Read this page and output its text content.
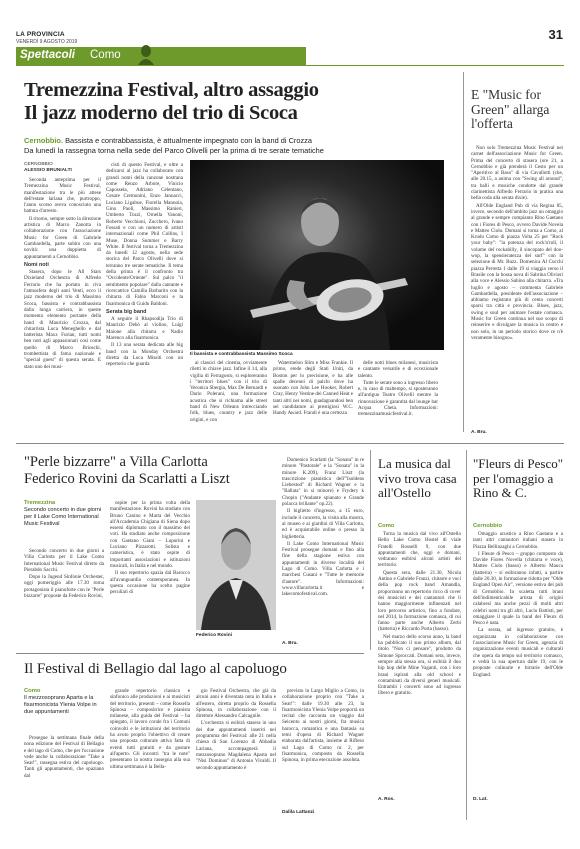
LA PROVINCIA
VENERDÌ 9 AGOSTO 2019	31
Spettacoli Como
Tremezzina Festival, altro assaggio
Il jazz moderno del trio di Scoca
Cernobbio. Bassista e contrabbassista, è attualmente impegnato con la band di Crozza
Da lunedì la rassegna torna nella sede del Parco Olivelli per la prima di tre serate tematiche
CERNOBBIO
ALESSIO BRUNIALTI

Seconda anteprima per il Tremezzina Music Festival, manifestazione tra le più attese dell'estate lariana che, purtroppo, l'anno scorso aveva conosciuto una battuta d'arresto.

Il ritorno, sempre sotto la direzione artistica di Marco Zanotta in collaborazione con l'associazione Music for Green di Gabriele Gambardella, parte subito con una novità: una doppietta di appuntamenti a Cernobbio.

Nomi noti

Stasera, dopo le All Stars Dixieland Orchestra di Alfredo Ferrario che ha portato in riva l'atmosfera degli anni Venti, ecco il jazz moderno del trio di Massimo Scoca, bassista e contrabbassista dalla lunga carriera, in queste momento elemento portante della band di Maurizio Crozza, dal chitarrista Luca Meneghello e dal batterista Maxx Furian, tutti nomi ben noti agli appassionati così come quello di Marco Brioschi, trombettista di fama nazionale e "special guest" di questa serata. E stato uno dei musi-

cisti di questo Festival, e oltre a dedicarsi al jazz ha collaborato con grandi nomi della canzone nostrana come Renzo Arbore, Vinicio Capossela, Adriano Celentano, Cesare Cremonini, Enzo Jannacci, Luciano Ligabue, Fiorella Mannoia, Gino Paoli, Massimo Ranieri, Umberto Tozzi, Ornella Vanoni, Roberto Vecchioni, Zucchero, Ivano Fossati e con un numero di artisti internazionali come Phil Collins, I Muse, Donna Summer e Barry White. Il festival torna a Tremezzina da lunedì 12 agosto, nella sede storica del Parco Olivelli dove si terranno tre serate tematiche. Il tema della prima è il confronto tra "Occidente/Oriente". Sul palco "il sentimento popolare" dalla cantante e ricercatrice Camilla Barbarito con la chitarra di Fabio Marconi e la fisarmonica di Guido Baldoni.

Serata big band

A seguire il Rhapsodija Trio di Maurizio Dehò al violino, Luigi Maione alla chitarra e Nadio Marenco alla fisarmonica.

Il 13 una serata dedicata alle big band con la Monday Orchestra diretta da Luca Missiti con un repertorio che guarda

Il bassista e contrabbassista Massimo Scoca

ai classici del cinema, ovviamente riletti in chiave jazz. Infine il 14, alla vigilia di Ferragosto, si esploreranno i "territori blues" con il trio di Veronica Sbergia, Max De Bernardi e Dario Polerani, una formazione acustica che si richiama alle street band di New Orleans intrecciando folk, blues, country e jazz delle origini, e con

Watermelon Slim e Miss Frankie. Il primo, erede degli Stati Uniti, da Boston per lo precisione, e ha alle spalle decenni di palchi dove ha suonato con John Lee Hooker, Robert Cray, Henry Vestine dei Canned Heat e tanti altri nei nomi, guadagnandosi ben sei candidature ai prestigiosi W.C. Handy Award. Frandi è una certezza

delle notti blues milanesi, musicista e cantante versatile e di eccezionale talento.

Tutte le serate sono a ingresso libero e, in caso di maltempo, si sposteranno all'antiguo Teatro Olivelli mentre la rinnovazione è garantita dal lounge bar Acqua Cheta. Informazioni: tremezzinamusicfestival.it.

E "Music for Green" allarga l'offerta

Non solo Tremezzina Music Festival nei carnet dell'associazione Music for Green. Prima del concerto di stasera (ore 21, a Cernobbio e già prenderà il Cesto per un "Aperitivo al Baso" di via Cavallotti (che, alle 20.15, a anima con "Swing all around", tra balli e musiche condotte dal grande clarinettista Alfredo Ferrario in pratica una bella coda alla serata dixie).

All'Olde England Pub di via Regina 85, invece, secondo dell'ambito jazz un omaggio al grande e sempre compianto Rino Gaetano con i Fiores di Pesco, ovvero Davide Novela e Matteo Ciolo. Domani si torna a Como, al Krudo Como di piazza Volta 25 per "Rock your baby": "la potenza del rock'n'roll, il volume del rockabilly, il sincopato del doo-wop, la spensieratezza del surf" con la selezione di Mr. Buzz. Domenica Al Cucchi piazza Perretta 1 dalle 19 si viaggia verso il Brasile con la bossa nova di Sabrina Olivieri alla voce e Alessio Sabino alla chitarra. «Tra luglio e agosto – commenta Gabriele Gambardella, presidente dell'associazione – abbiamo registrato più di cento concerti sparsi tra città e provincia. Blues, jazz, swing e soul per animare l'estate comasca. Music for Green continua nel suo scopo di reinserire e divulgare la musica in centro e non solo, in un periodo storico dove ce n'è veramente bisogno».

A. Bru.
"Perle bizzarre" a Villa Carlotta
Federico Rovini da Scarlatti a Liszt
Tremezzina
Secondo concerto in due giorni per il Lake Como International Music Festival

Secondo concerto in due giorni a Villa Carlotta per il Lake Como International Music Festival diretto da Pierabdo Sacchi.

Dopo la Jugend Sinfonie Orchester, oggi pomeriggio alle 17.30 torna protagonista il pianoforte con le "Perle bizzarre" proposte da Federico Rovini,

ospite per la prima volta della manifestazione. Rovini ha studiato con Bruno Canino e Marta del Vecchio all'Accademia Chigiana di Siena dopo essersi diplomato con il massimo dei voti. Ha studiato anche composizione con Gaetano Giani – Luporini e Luciano Pizzarotti. Solista e cameristica, è stato ospite di importanti associazioni e istituzioni musicali, in Italia e nel mondo.

Il suo repertorio spazia dal Barocco all'avanguardia contemporanea. In questa occasione ha scelto pagine peculiari di

Federico Rovini

Domenico Scarlatti (la "Sonata" in re minore "Pastorale" e la "Sonata" in la minore K.209), Franz Liszt (la trascrizione pianistica dell'"Isoldens Liebestod" di Richard Wagner e la "Ballata" in si minore) e Frydery k Chopin ("Andante spianato e Grande polacca brillante" op.22).

Il biglietto d'ingresso, a 15 euro, include il concerto, la visita alla mostra, al museo e ai giardini di Villa Carlotta, ed è acquistabile online o presso la biglietteria.

Il Lake Como International Music Festival prosegue domani e fino alla fine della stagione estiva con appuntamenti in diverse località del Lago di Como. Villa Carlotta e i marchesi Cusani e "Tutte le memorie d'autore". Informazioni: www.villacarlotta.it e lakecomofestival.com.

A. Bru.
La musica dal vivo trova casa all'Ostello
Como

Torna la musica dal vivo all'Ostello Bello Lake Como Hostel di viale Fratelli Rosselli 9, con due appuntamenti che, oggi e domani, vedranno esibirsi alcuni artisti del territorio.

Questa sera, dalle 21.30, Nicola Antino e Gabriele Franzi, chitarre e voci della pop rock band Amandla, proporranno un repertorio ricco di cover dei musicisti e dei cantautori che li hanno maggiormente influenzati nel loro percorso artistico, fino a fondare, nel 2014, la formazione comasca, di cui fanno parte anche Alberto Zerbi (batteria) e Riccardo Porta (basso).

Nel marzo dello scorso anno, la band ha pubblicato il suo primo album, dal titolo "Non ci pensare", prodotto da Simone Sproccati. Domani sera, invece, sempre alla stessa ora, si esibirà il duo hip hop delle Mine Vaganti, con i loro brani ispirati alla old school e contaminati da diversi generi musicali. Entrambi i concerti sono ad ingresso libero e gratuito.

A. Ros.
"Fleurs di Pesco" per l'omaggio a Rino & C.
Cernobbio

Omaggio acustico a Rino Gaetano e a tanti altri cantautori italiani stasera in Piazza Bellinzaghi a Cernobbio.

I Fleure di Pesco – gruppo composto da Davide Fiores Novella (chitarra e voce), Matteo Ciolo (basso) e Alberto Mauca (batteria) – si esibiranno infatti, a partire dalle 20.30, in formazione ridotta per "Olde England Open Air", versione estiva del pub di Cernobbio. In scaletta tutti brani dell'indimenticabile artista di origini calabresi ma anche pezzi di molti altri celebri nomi tra gli altri, Lucio Battisti, per omaggiare il quale la band dei Fleurs di Pesco è nata.

La serata, ad ingresso gratuito, è organizzata in collaborazione con l'associazione Music for Green, agenzia di organizzazione eventi musicali e culturali che opera da tempo sul territorio comasco, e vedrà la sua apertura dalle 19, con le proposte culinarie e birrarie dell'Olde England.

D. Lat.
Il Festival di Bellagio dal lago al capoluogo
Como
Il mezzosoprano Aparta e la fisarmonicista Ylenia Volpe in due appuntamenti

Prosegue la settimana finale della nona edizione del Festival di Bellagio e del lago di Como, che per l'occasione vede anche la collaborazione "Take a Seat!", rassegna estiva del capoluogo. Tanti gli appuntamenti, che spaziano dal

grande repertorio classico e sinfonico alle produzioni e ai musicisti del territorio, presenti – come Rossella Spinosa – compositrice e pianista milanese, alla guida del Festival – ha spiegato, il lavoro corale fra i Comuni coinvolti e le istituzioni del territorio ha avuto proprio l'obiettivo di creare una proposta culturale attiva fatta di eventi tutti gratuiti e da gustare all'aperto. Gli incontri "tra le note" presentano la nostra rassegna alla sua ultima settimana è la Bella-

gio Festival Orchestra, che già da alcuni anni è diventata nota in Italia e all'estero, diretta proprio da Rossella Spinosa, in collaborazione con il direttore Alessandro Calcagnile.

L'orchestra si esibirà stasera in uno dei due appuntamenti inseriti nel programma del Festival: alle 21 nella chiesa di San Lorenzo di Abbadia Lariana, accompagnerà il mezzosoprano Magdalena Aparta nel "Nisi Dominus" di Antonio Vivaldi. Il secondo appuntamento è

previsto in Largo Miglio a Como, in collaborazione proprio con "Take a Seat!": dalle 19.30 alle 23, la fisarmonicista Ylenia Volpe proporrà un recital che racconta un viaggio dal Seicento ai nostri giorni, fra musica barocca, romantica e una fantasia su temi d'opera di Richard Wagner elaborata dall'artista, insieme al Rifleso sul Lago di Como nr. 2, per fisarmonica, composto da Rossella Spinosa, in prima esecuzione assoluta.

Dalila Lattanzi
